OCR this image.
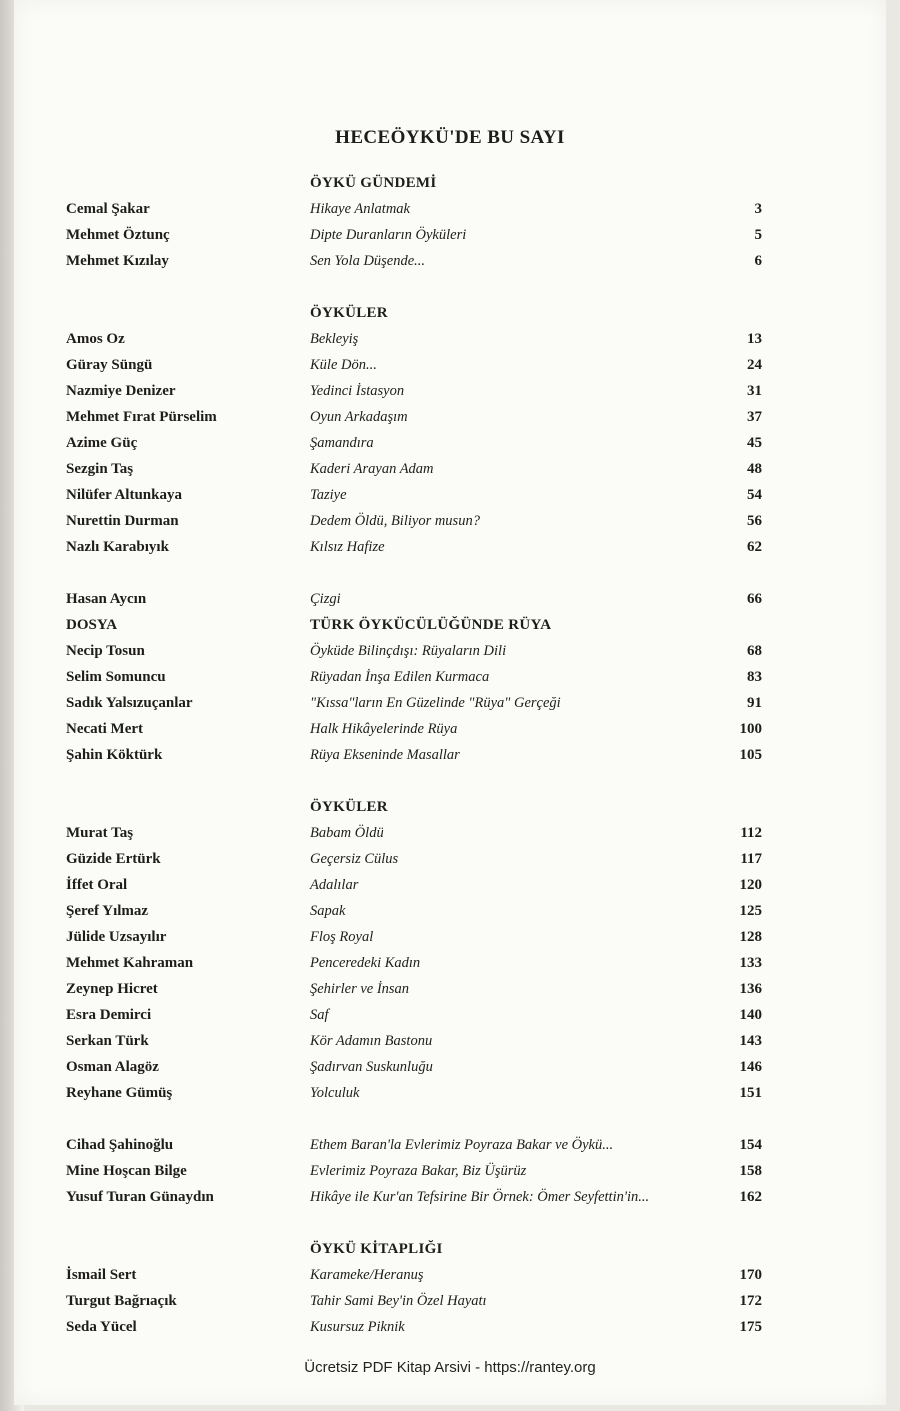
HECEÖYKÜ'DE BU SAYI
ÖYKÜ GÜNDEMİ
Cemal Şakar	Hikaye Anlatmak	3
Mehmet Öztunç	Dipte Duranların Öyküleri	5
Mehmet Kızılay	Sen Yola Düşende...	6
ÖYKÜLER
Amos Oz	Bekleyiş	13
Güray Süngü	Küle Dön...	24
Nazmiye Denizer	Yedinci İstasyon	31
Mehmet Fırat Pürselim	Oyun Arkadaşım	37
Azime Güç	Şamandıra	45
Sezgin Taş	Kaderi Arayan Adam	48
Nilüfer Altunkaya	Taziye	54
Nurettin Durman	Dedem Öldü, Biliyor musun?	56
Nazlı Karabıyık	Kılsız Hafize	62
Hasan Aycın	Çizgi	66
DOSYA	TÜRK ÖYKÜCÜLÜĞÜNDE RÜYA
Necip Tosun	Öyküde Bilinçdışı: Rüyaların Dili	68
Selim Somuncu	Rüyadan İnşa Edilen Kurmaca	83
Sadık Yalsızuçanlar	"Kıssa"ların En Güzelinde "Rüya" Gerçeği	91
Necati Mert	Halk Hikâyelerinde Rüya	100
Şahin Köktürk	Rüya Ekseninde Masallar	105
ÖYKÜLER
Murat Taş	Babam Öldü	112
Güzide Ertürk	Geçersiz Cülus	117
İffet Oral	Adalılar	120
Şeref Yılmaz	Sapak	125
Jülide Uzsayılır	Floş Royal	128
Mehmet Kahraman	Penceredeki Kadın	133
Zeynep Hicret	Şehirler ve İnsan	136
Esra Demirci	Saf	140
Serkan Türk	Kör Adamın Bastonu	143
Osman Alagöz	Şadırvan Suskunluğu	146
Reyhane Gümüş	Yolculuk	151
Cihad Şahinoğlu	Ethem Baran'la Evlerimiz Poyraza Bakar ve Öykü...	154
Mine Hoşcan Bilge	Evlerimiz Poyraza Bakar, Biz Üşürüz	158
Yusuf Turan Günaydın	Hikâye ile Kur'an Tefsirine Bir Örnek: Ömer Seyfettin'in...	162
ÖYKÜ KİTAPLIĞI
İsmail Sert	Karameke/Heranuş	170
Turgut Bağrıaçık	Tahir Sami Bey'in Özel Hayatı	172
Seda Yücel	Kusursuz Piknik	175
Ücretsiz PDF Kitap Arsivi - https://rantey.org
